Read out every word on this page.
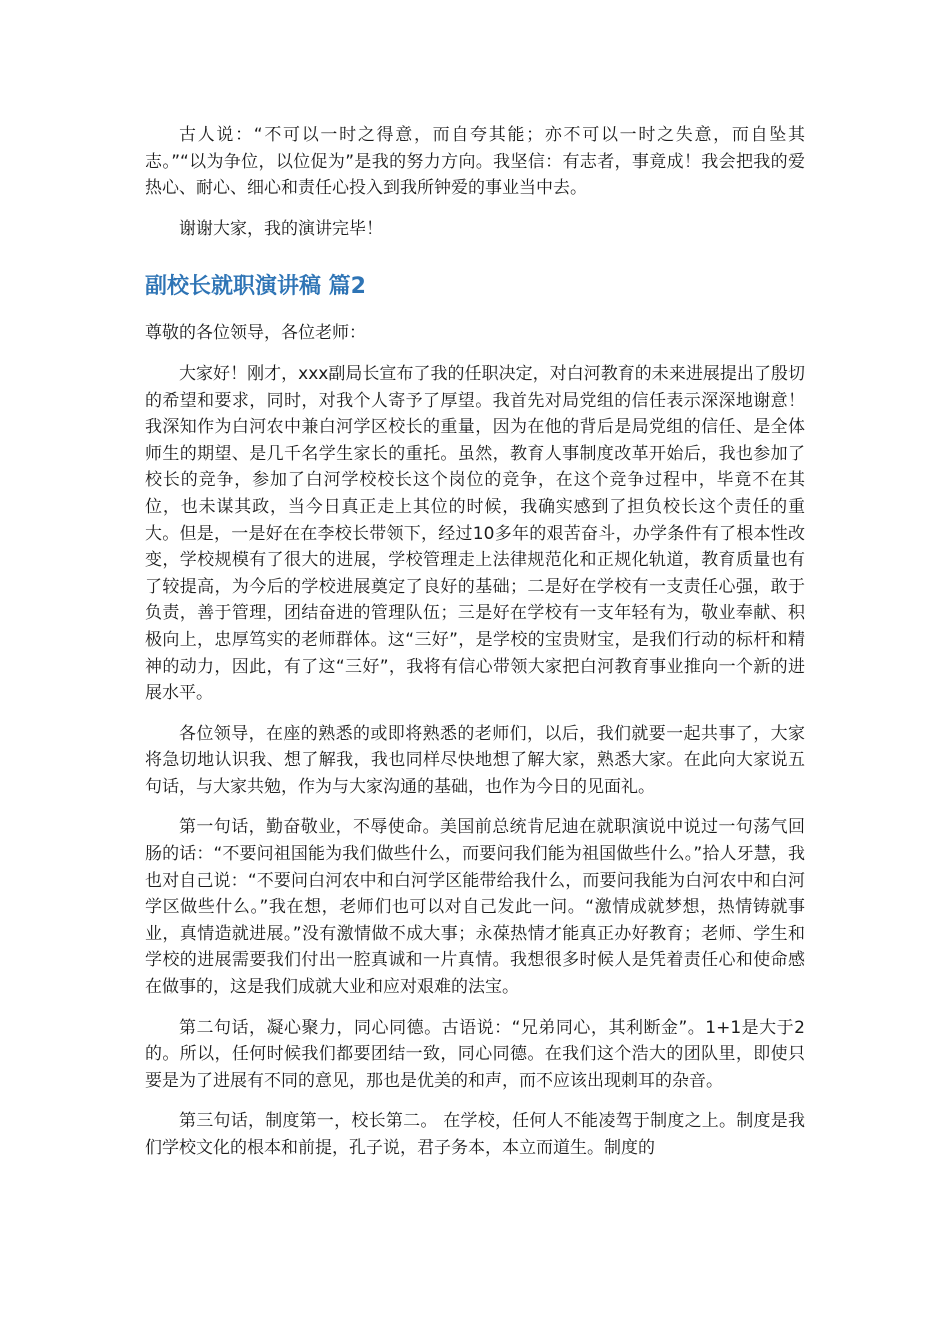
古人说：“不可以一时之得意，而自夸其能；亦不可以一时之失意，而自坠其志。”“以为争位，以位促为”是我的努力方向。我坚信：有志者，事竟成！我会把我的爱热心、耐心、细心和责任心投入到我所钟爱的事业当中去。

谢谢大家，我的演讲完毕！

副校长就职演讲稿 篇2

尊敬的各位领导，各位老师：

大家好！刚才，xxx副局长宣布了我的任职决定，对白河教育的未来进展提出了殷切的希望和要求，同时，对我个人寄予了厚望。我首先对局党组的信任表示深深地谢意！我深知作为白河农中兼白河学区校长的重量，因为在他的背后是局党组的信任、是全体师生的期望、是几千名学生家长的重托。虽然，教育人事制度改革开始后，我也参加了校长的竞争，参加了白河学校校长这个岗位的竞争，在这个竞争过程中，毕竟不在其位，也未谋其政，当今日真正走上其位的时候，我确实感到了担负校长这个责任的重大。但是，一是好在在李校长带领下，经过10多年的艰苦奋斗，办学条件有了根本性改变，学校规模有了很大的进展，学校管理走上法律规范化和正规化轨道，教育质量也有了较提高，为今后的学校进展奠定了良好的基础；二是好在学校有一支责任心强，敢于负责，善于管理，团结奋进的管理队伍；三是好在学校有一支年轻有为，敬业奉献、积极向上，忠厚笃实的老师群体。这“三好”，是学校的宝贵财宝，是我们行动的标杆和精神的动力，因此，有了这“三好”，我将有信心带领大家把白河教育事业推向一个新的进展水平。

各位领导，在座的熟悉的或即将熟悉的老师们，以后，我们就要一起共事了，大家将急切地认识我、想了解我，我也同样尽快地想了解大家，熟悉大家。在此向大家说五句话，与大家共勉，作为与大家沟通的基础，也作为今日的见面礼。

第一句话，勤奋敬业，不辱使命。美国前总统肯尼迪在就职演说中说过一句荡气回肠的话：“不要问祖国能为我们做些什么，而要问我们能为祖国做些什么。”拾人牙慧，我也对自己说：“不要问白河农中和白河学区能带给我什么，而要问我能为白河农中和白河学区做些什么。”我在想，老师们也可以对自己发此一问。“激情成就梦想，热情铸就事业，真情造就进展。”没有激情做不成大事；永葆热情才能真正办好教育；老师、学生和学校的进展需要我们付出一腔真诚和一片真情。我想很多时候人是凭着责任心和使命感在做事的，这是我们成就大业和应对艰难的法宝。

第二句话，凝心聚力，同心同德。古语说：“兄弟同心，其利断金”。1+1是大于2的。所以，任何时候我们都要团结一致，同心同德。在我们这个浩大的团队里，即使只要是为了进展有不同的意见，那也是优美的和声，而不应该出现刺耳的杂音。

第三句话，制度第一，校长第二。 在学校，任何人不能凌驾于制度之上。制度是我们学校文化的根本和前提，孔子说，君子务本，本立而道生。制度的
